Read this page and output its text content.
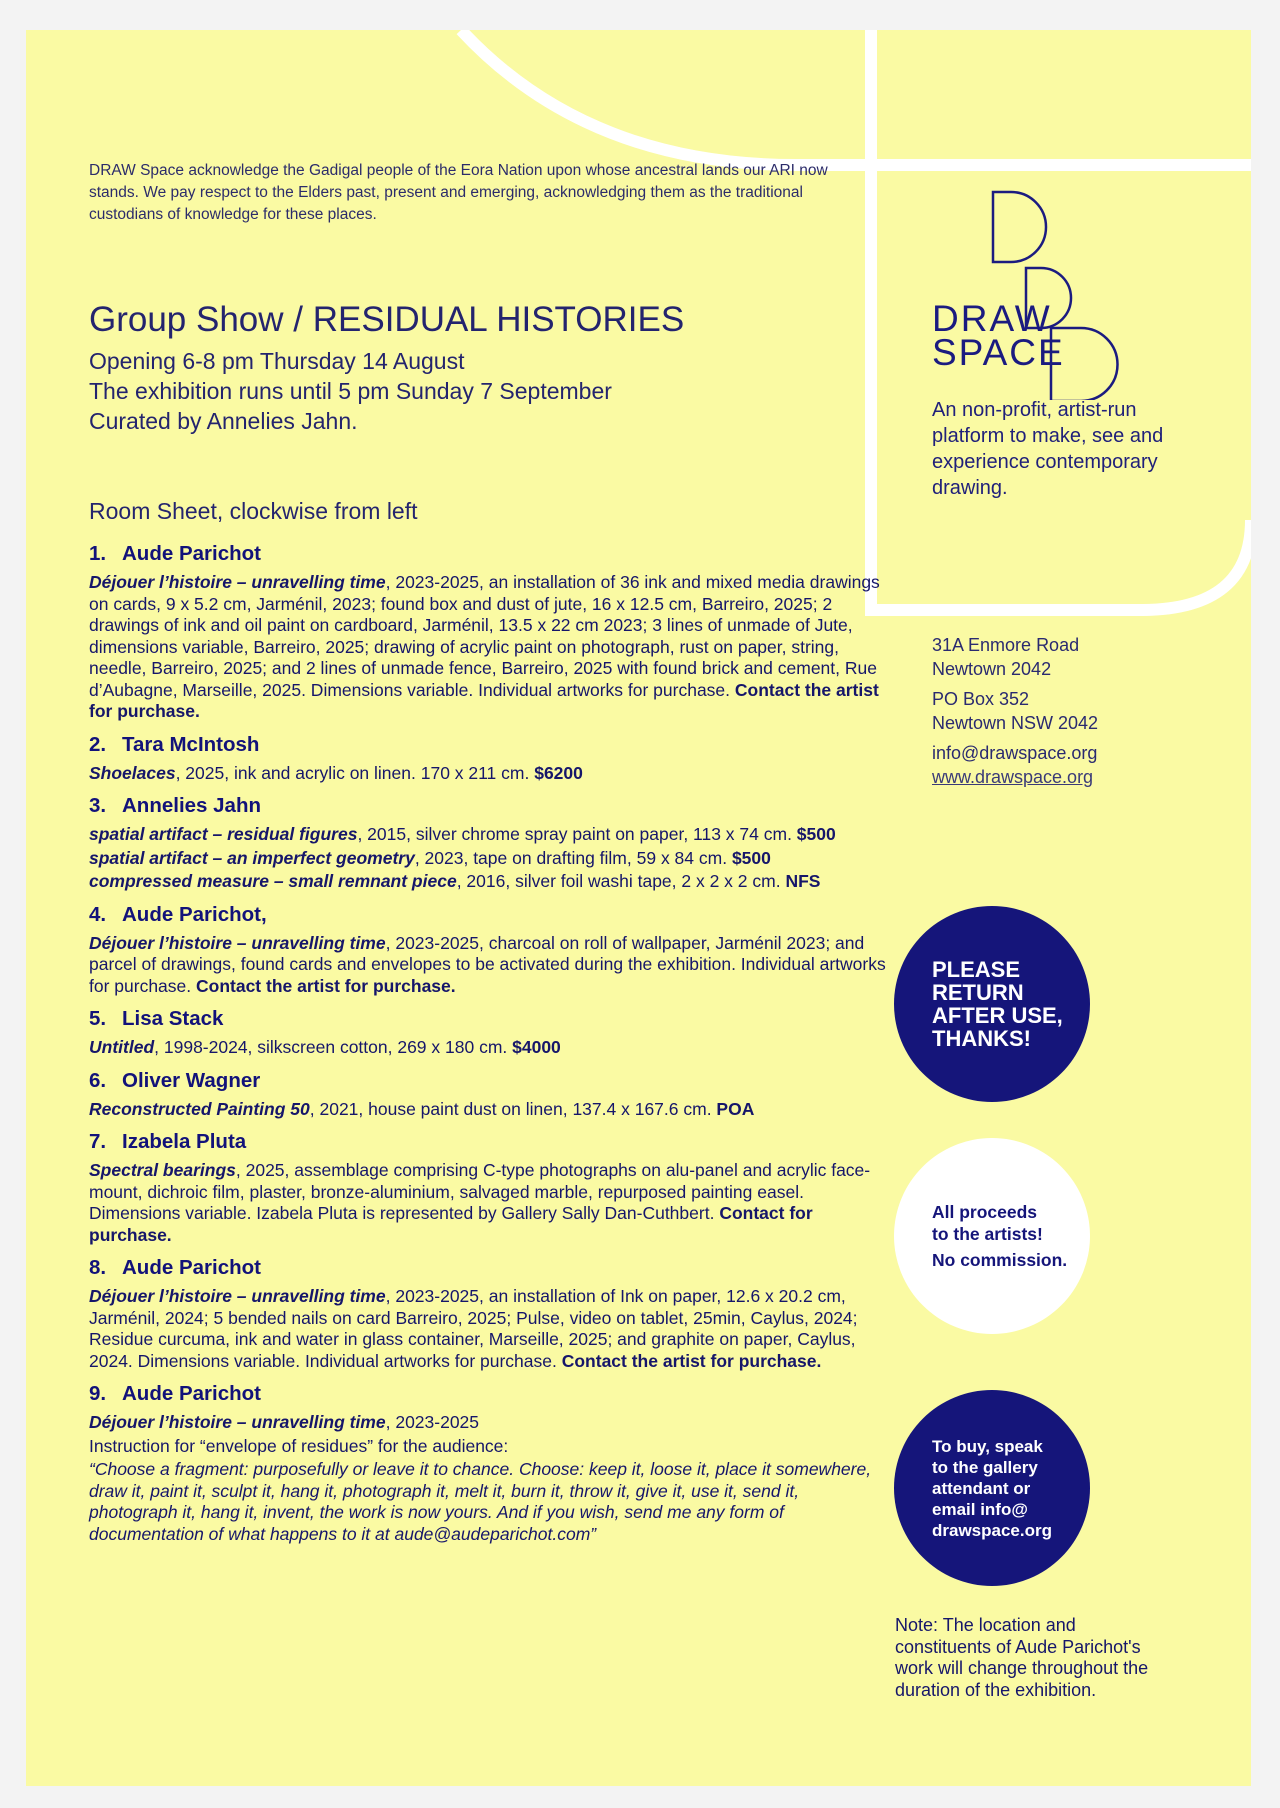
DRAW Space acknowledge the Gadigal people of the Eora Nation upon whose ancestral lands our ARI now stands. We pay respect to the Elders past, present and emerging, acknowledging them as the traditional custodians of knowledge for these places.
Group Show / RESIDUAL HISTORIES
Opening 6-8 pm Thursday 14 August
The exhibition runs until 5 pm Sunday 7 September
Curated by Annelies Jahn.
Room Sheet, clockwise from left
1. Aude Parichot
Déjouer l’histoire – unravelling time, 2023-2025, an installation of 36 ink and mixed media drawings on cards, 9 x 5.2 cm, Jarménil, 2023; found box and dust of jute, 16 x 12.5 cm, Barreiro, 2025; 2 drawings of ink and oil paint on cardboard, Jarménil, 13.5 x 22 cm 2023; 3 lines of unmade of Jute, dimensions variable, Barreiro, 2025; drawing of acrylic paint on photograph, rust on paper, string, needle, Barreiro, 2025; and 2 lines of unmade fence, Barreiro, 2025 with found brick and cement, Rue d’Aubagne, Marseille, 2025. Dimensions variable. Individual artworks for purchase. Contact the artist for purchase.
2. Tara McIntosh
Shoelaces, 2025, ink and acrylic on linen. 170 x 211 cm. $6200
3. Annelies Jahn
spatial artifact – residual figures, 2015, silver chrome spray paint on paper, 113 x 74 cm. $500
spatial artifact – an imperfect geometry, 2023, tape on drafting film, 59 x 84 cm. $500
compressed measure – small remnant piece, 2016, silver foil washi tape, 2 x 2 x 2 cm. NFS
4. Aude Parichot,
Déjouer l’histoire – unravelling time, 2023-2025, charcoal on roll of wallpaper, Jarménil 2023; and parcel of drawings, found cards and envelopes to be activated during the exhibition. Individual artworks for purchase. Contact the artist for purchase.
5. Lisa Stack
Untitled, 1998-2024, silkscreen cotton, 269 x 180 cm. $4000
6. Oliver Wagner
Reconstructed Painting 50, 2021, house paint dust on linen, 137.4 x 167.6 cm. POA
7. Izabela Pluta
Spectral bearings, 2025, assemblage comprising C-type photographs on alu-panel and acrylic face-mount, dichroic film, plaster, bronze-aluminium, salvaged marble, repurposed painting easel. Dimensions variable. Izabela Pluta is represented by Gallery Sally Dan-Cuthbert. Contact for purchase.
8. Aude Parichot
Déjouer l’histoire – unravelling time, 2023-2025, an installation of Ink on paper, 12.6 x 20.2 cm, Jarménil, 2024; 5 bended nails on card Barreiro, 2025; Pulse, video on tablet, 25min, Caylus, 2024; Residue curcuma, ink and water in glass container, Marseille, 2025; and graphite on paper, Caylus, 2024. Dimensions variable. Individual artworks for purchase. Contact the artist for purchase.
9. Aude Parichot
Déjouer l’histoire – unravelling time, 2023-2025
Instruction for “envelope of residues” for the audience:
“Choose a fragment: purposefully or leave it to chance. Choose: keep it, loose it, place it somewhere, draw it, paint it, sculpt it, hang it, photograph it, melt it, burn it, throw it, give it, use it, send it, photograph it, hang it, invent, the work is now yours. And if you wish, send me any form of documentation of what happens to it at aude@audeparichot.com”
DRAW
SPACE
An non-profit, artist-run platform to make, see and experience contemporary drawing.
31A Enmore Road
Newtown 2042
PO Box 352
Newtown NSW 2042
info@drawspace.org
www.drawspace.org
PLEASE
RETURN
AFTER USE,
THANKS!
All proceeds
to the artists!
No commission.
To buy, speak
to the gallery
attendant or
email info@
drawspace.org
Note: The location and constituents of Aude Parichot's work will change throughout the duration of the exhibition.
